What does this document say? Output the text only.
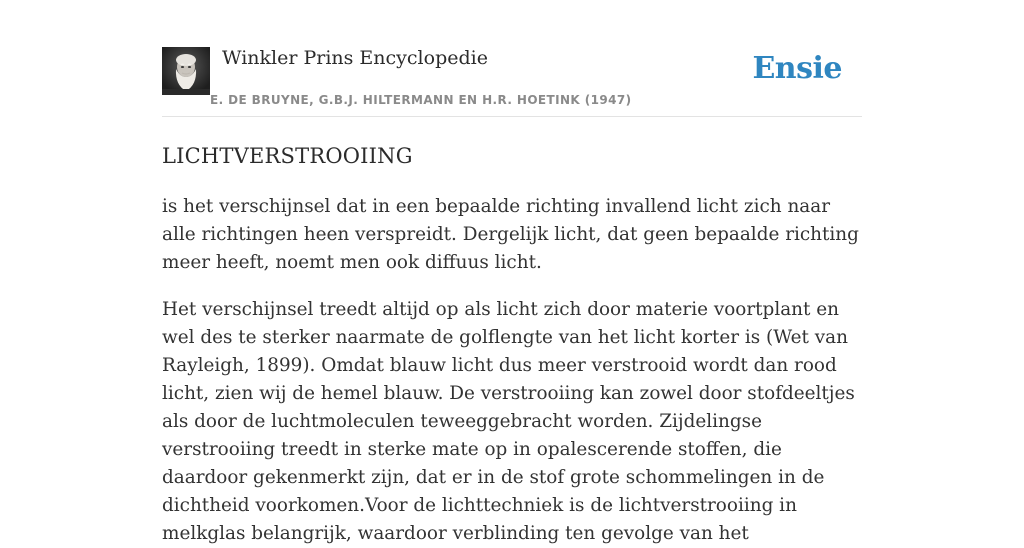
Winkler Prins Encyclopedie
E. DE BRUYNE, G.B.J. HILTERMANN EN H.R. HOETINK (1947)
Ensie
LICHTVERSTROOIING

is het verschijnsel dat in een bepaalde richting invallend licht zich naar alle richtingen heen verspreidt. Dergelijk licht, dat geen bepaalde richting meer heeft, noemt men ook diffuus licht.

Het verschijnsel treedt altijd op als licht zich door materie voortplant en wel des te sterker naarmate de golflengte van het licht korter is (Wet van Rayleigh, 1899). Omdat blauw licht dus meer verstrooid wordt dan rood licht, zien wij de hemel blauw. De verstrooiing kan zowel door stofdeeltjes als door de luchtmoleculen teweeggebracht worden. Zijdelingse verstrooiing treedt in sterke mate op in opalescerende stoffen, die daardoor gekenmerkt zijn, dat er in de stof grote schommelingen in de dichtheid voorkomen.Voor de lichttechniek is de lichtverstrooiing in melkglas belangrijk, waardoor verblinding ten gevolge van het
